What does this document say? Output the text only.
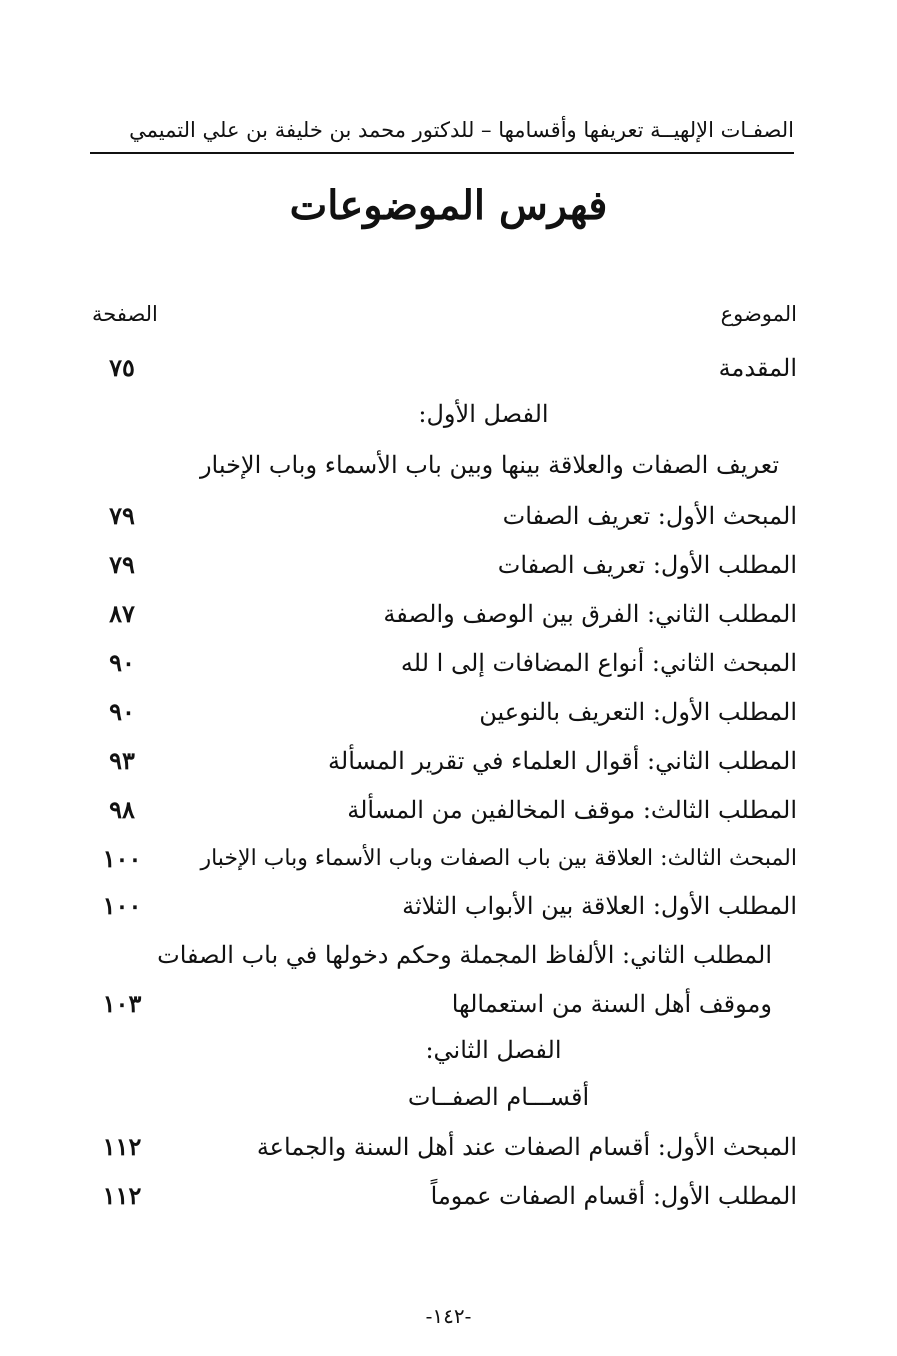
الصفـات الإلهيــة تعريفها وأقسامها – للدكتور محمد بن خليفة بن علي التميمي
فهرس الموضوعات
الموضوع
الصفحة
المقدمة
٧٥
الفصل الأول:
تعريف الصفات والعلاقة بينها وبين باب الأسماء وباب الإخبار
المبحث الأول: تعريف الصفات
٧٩
المطلب الأول: تعريف الصفات
٧٩
المطلب الثاني: الفرق بين الوصف والصفة
٨٧
المبحث الثاني: أنواع المضافات إلى ا لله
٩٠
المطلب الأول: التعريف بالنوعين
٩٠
المطلب الثاني: أقوال العلماء في تقرير المسألة
٩٣
المطلب الثالث: موقف المخالفين من المسألة
٩٨
المبحث الثالث: العلاقة بين باب الصفات وباب الأسماء وباب الإخبار
١٠٠
المطلب الأول: العلاقة بين الأبواب الثلاثة
١٠٠
المطلب الثاني: الألفاظ المجملة وحكم دخولها في باب الصفات
وموقف أهل السنة من استعمالها
١٠٣
الفصل الثاني:
أقســـام الصفــات
المبحث الأول: أقسام الصفات عند أهل السنة والجماعة
١١٢
المطلب الأول: أقسام الصفات عموماً
١١٢
-١٤٢-
